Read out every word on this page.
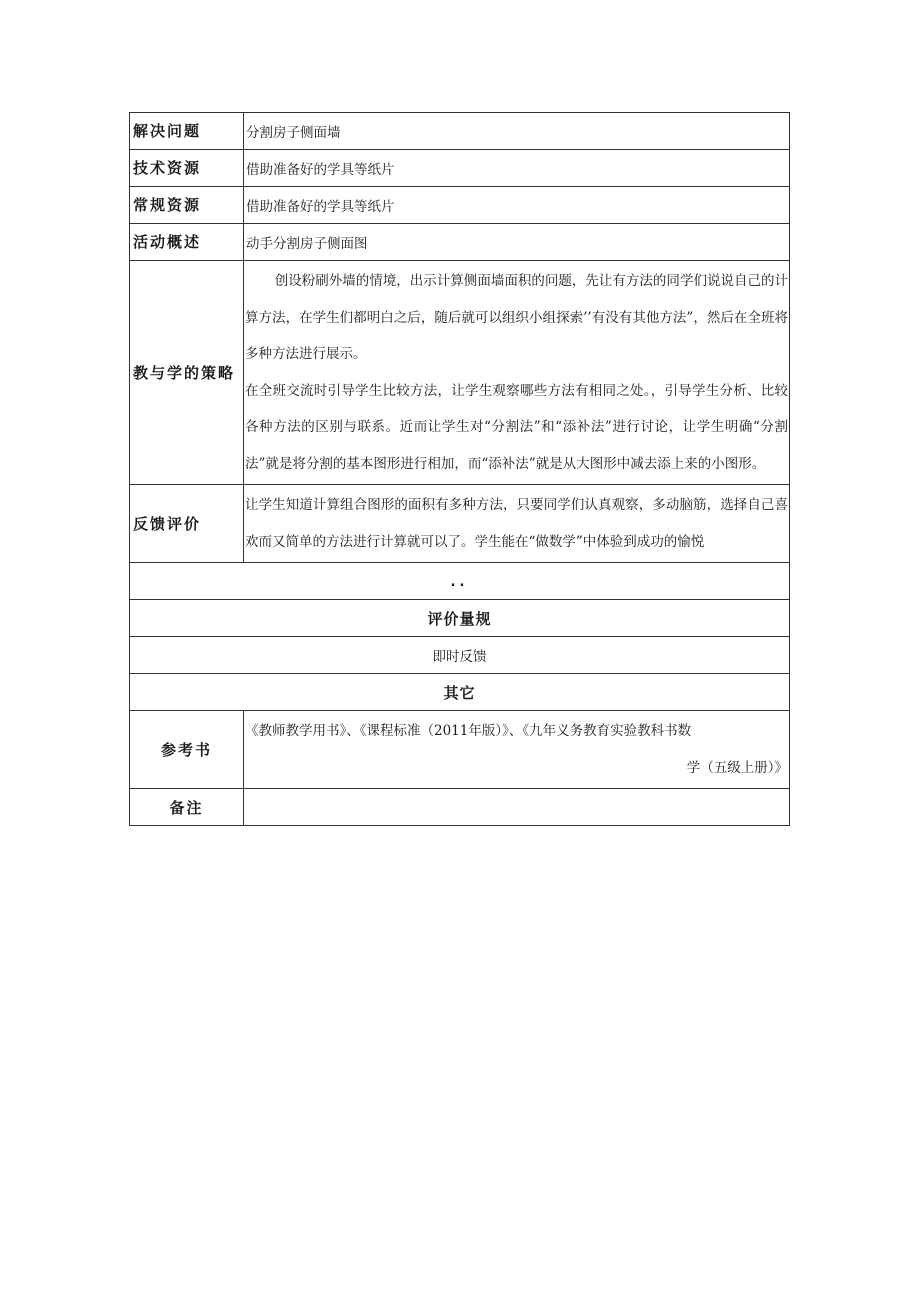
解决问题	分割房子侧面墙
技术资源	借助准备好的学具等纸片
常规资源	借助准备好的学具等纸片
活动概述	动手分割房子侧面图
教与学的策略	创设粉刷外墙的情境，出示计算侧面墙面积的问题，先让有方法的同学们说说自己的计算方法，在学生们都明白之后，随后就可以组织小组探索’’有没有其他方法”，然后在全班将多种方法进行展示。
在全班交流时引导学生比较方法，让学生观察哪些方法有相同之处。，引导学生分析、比较各种方法的区别与联系。近而让学生对“分割法”和“添补法”进行讨论，让学生明确“分割法”就是将分割的基本图形进行相加，而“添补法”就是从大图形中减去添上来的小图形。
反馈评价	让学生知道计算组合图形的面积有多种方法，只要同学们认真观察，多动脑筋，选择自己喜欢而又简单的方法进行计算就可以了。学生能在“做数学”中体验到成功的愉悦
..	
评价量规	
即时反馈	
其它	
参考书	《教师教学用书》、《课程标准（2011年版）》、《九年义务教育实验教科书数
学（五级上册）》

备注	
